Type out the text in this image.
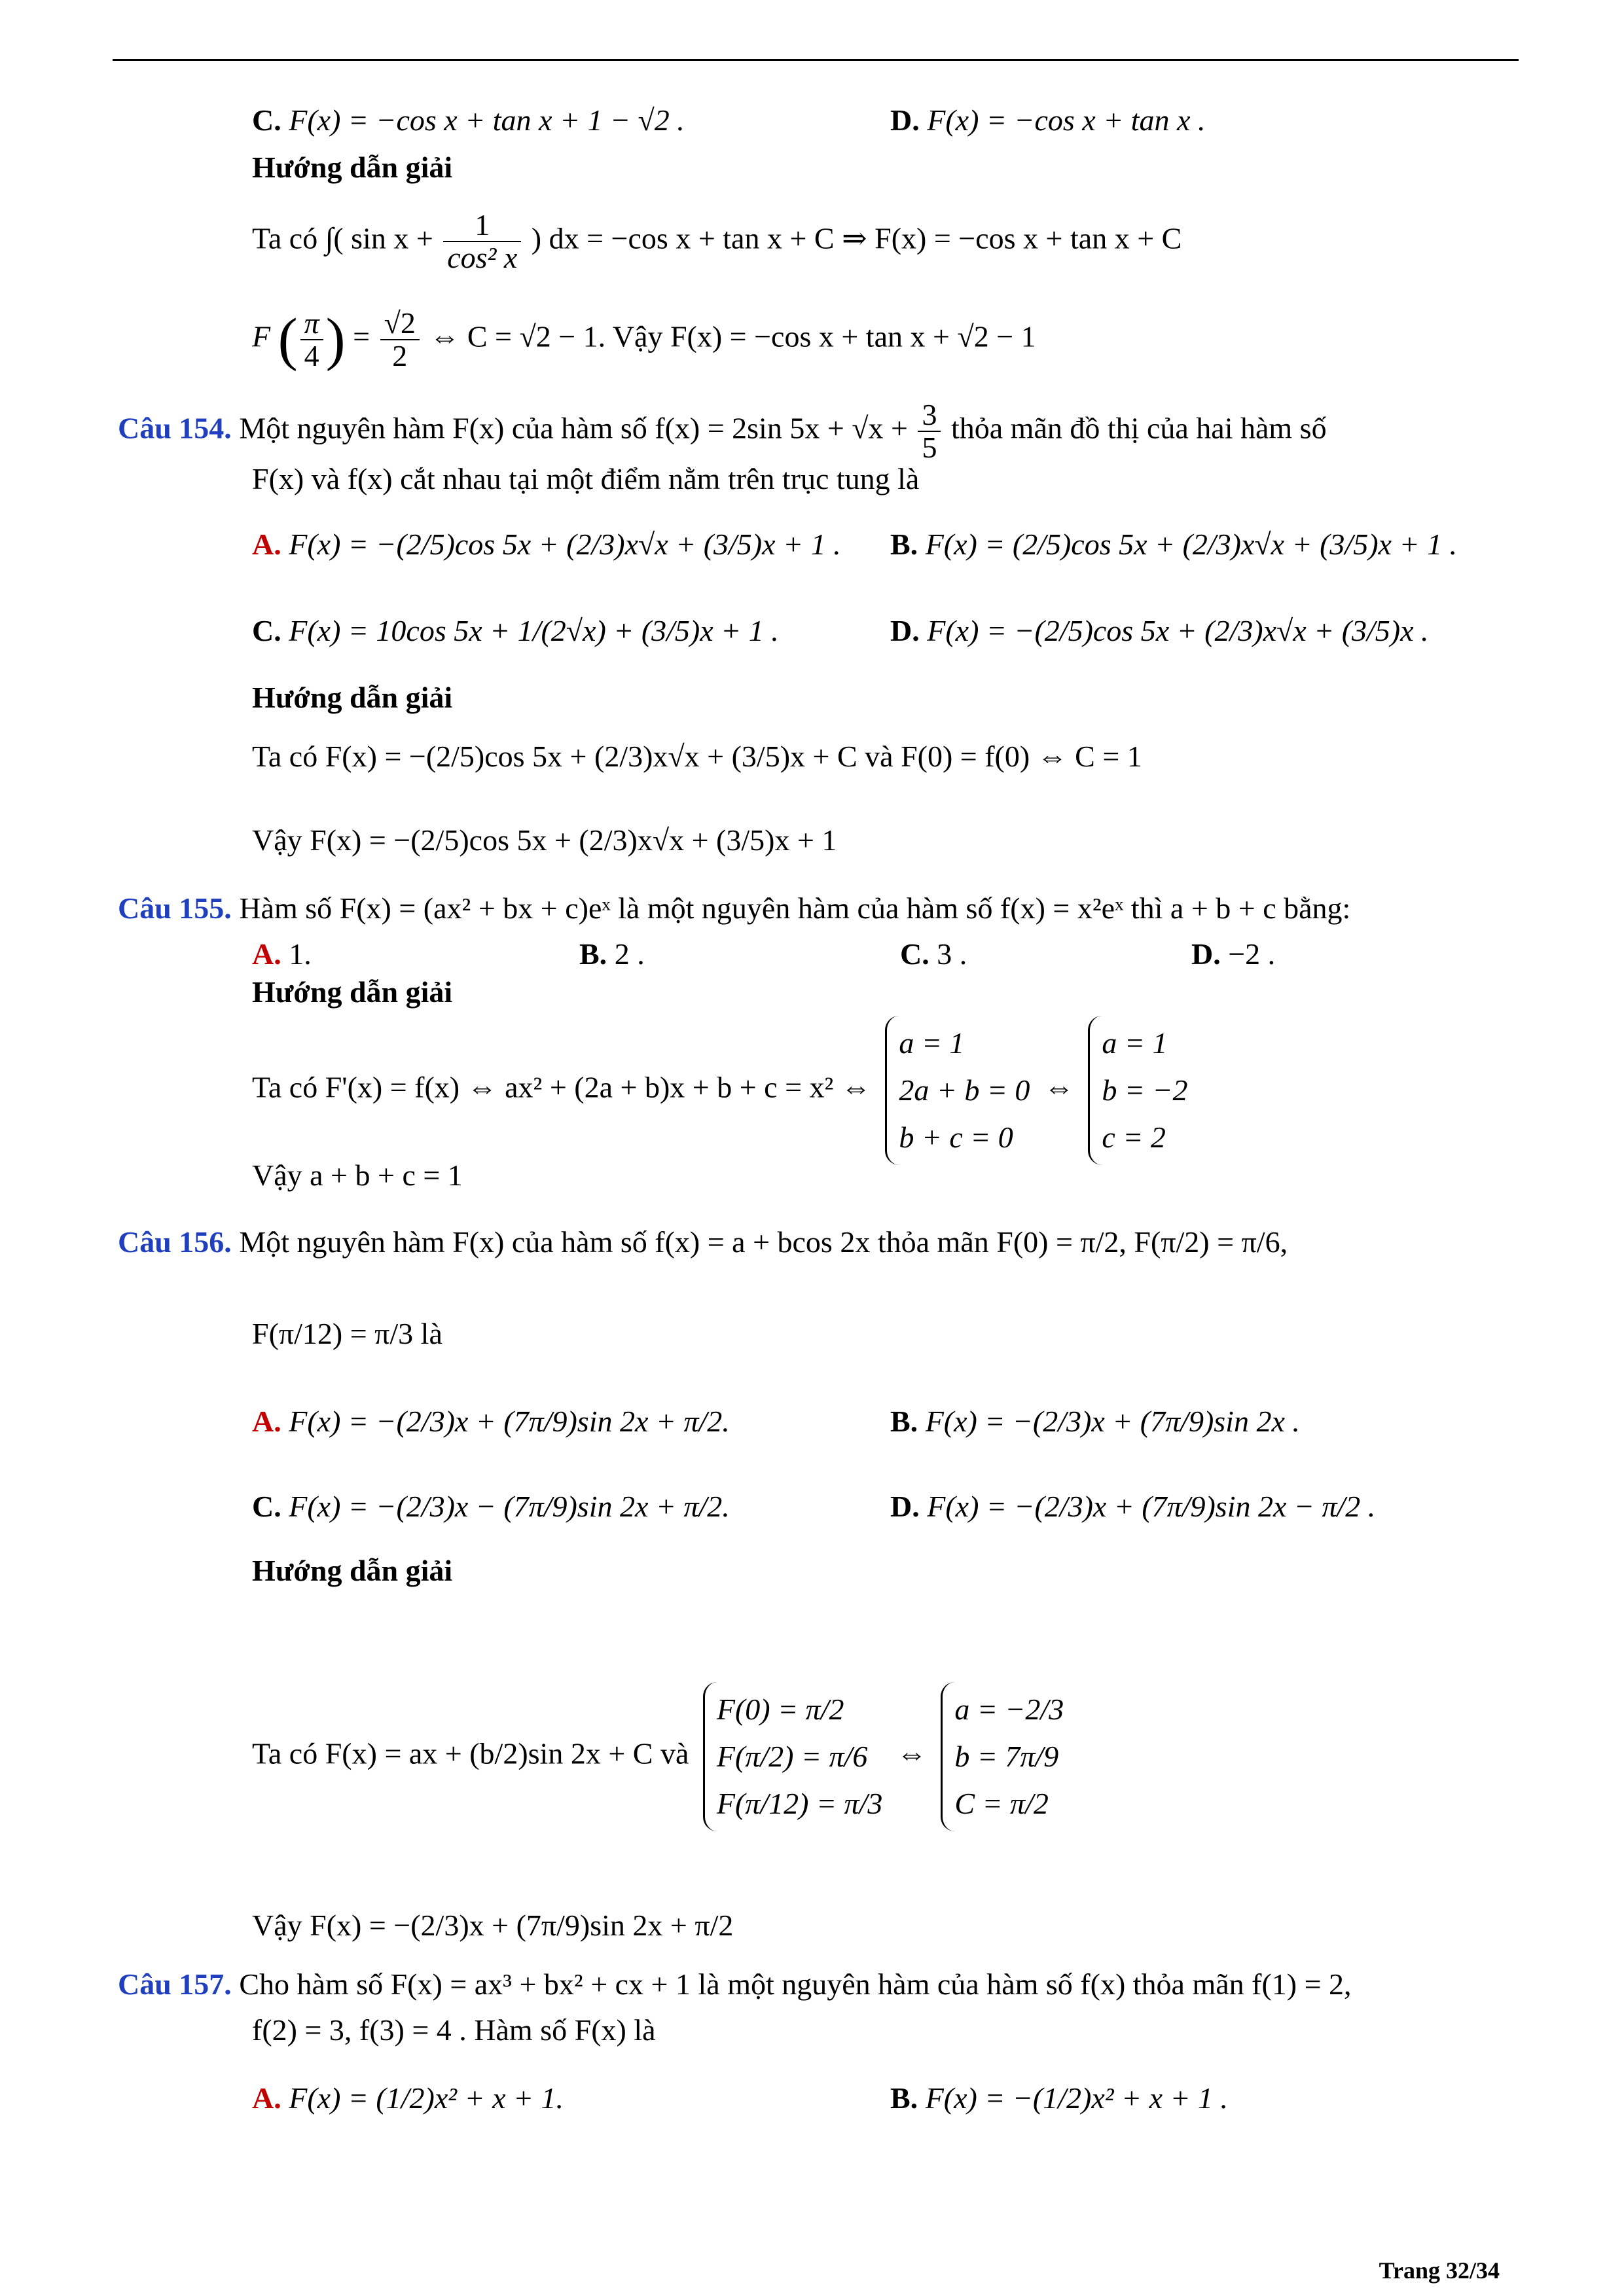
C. F(x) = −cos x + tan x + 1 − √2 .	D. F(x) = −cos x + tan x .
Hướng dẫn giải
Ta có ∫( $\sin x + \frac{1}{\text{cos² x}}$ ) dx = −cos x + tan x + C ⇒ F(x) = −cos x + tan x + C
F ( $\frac{\pi}{4}$ ) = $\frac{√2}{2}$ ⇔ C = √2 − 1. Vậy F(x) = −cos x + tan x + √2 − 1
Câu 154. Một nguyên hàm F(x) của hàm số f(x) = 2sin $5x + √x + \frac{3}{5}$ thỏa mãn đồ thị của hai hàm số
F(x) và f(x) cắt nhau tại một điểm nằm trên trục tung là
A. F(x) = −(2/5)cos 5x + (2/3)x√x + (3/5)x + 1 . B. F(x) = (2/5)cos 5x + (2/3)x√x + (3/5)x + 1 .
C. F(x) = 10cos 5x + 1/(2√x) + (3/5)x + 1 .	D. F(x) = −(2/5)cos 5x + (2/3)x√x + (3/5)x .
Hướng dẫn giải
Ta có F(x) = −(2/5)cos 5x + (2/3)x√x + (3/5)x + C và F(0) = f(0) ⇔ C = 1
Vậy F(x) = −(2/5)cos 5x + (2/3)x√x + (3/5)x + 1
Câu 155. Hàm số F(x) = (ax² + bx + c)eˣ là một nguyên hàm của hàm số f(x) = x²eˣ thì a + b + c bằng:
A. 1.	B. 2 .	C. 3 .	D. −2 .
Hướng dẫn giải
Ta có F'(x) = f(x) ⇔ ax² + (2a + b)x + b + c = x² ⇔
a = 1
2a + b = 0
b + c = 0
⇔
a = 1
b = −2
c = 2
Vậy a + b + c = 1
Câu 156. Một nguyên hàm F(x) của hàm số f(x) = a + bcos 2x thỏa mãn F(0) = π/2, F(π/2) = π/6,
F(π/12) = π/3 là
A. F(x) = −(2/3)x + (7π/9)sin 2x + π/2.	B. F(x) = −(2/3)x + (7π/9)sin 2x .
C. F(x) = −(2/3)x − (7π/9)sin 2x + π/2.	D. F(x) = −(2/3)x + (7π/9)sin 2x − π/2 .
Hướng dẫn giải
Ta có F(x) = ax + (b/2)sin 2x + C và
F(0) = π/2
F(π/2) = π/6
F(π/12) = π/3
⇔
a = −2/3
b = 7π/9
C = π/2
Vậy F(x) = −(2/3)x + (7π/9)sin 2x + π/2
Câu 157. Cho hàm số F(x) = ax³ + bx² + cx + 1 là một nguyên hàm của hàm số f(x) thỏa mãn f(1) = 2,
f(2) = 3, f(3) = 4 . Hàm số F(x) là
A. F(x) = (1/2)x² + x + 1.	B. F(x) = −(1/2)x² + x + 1 .
Trang 32/34
